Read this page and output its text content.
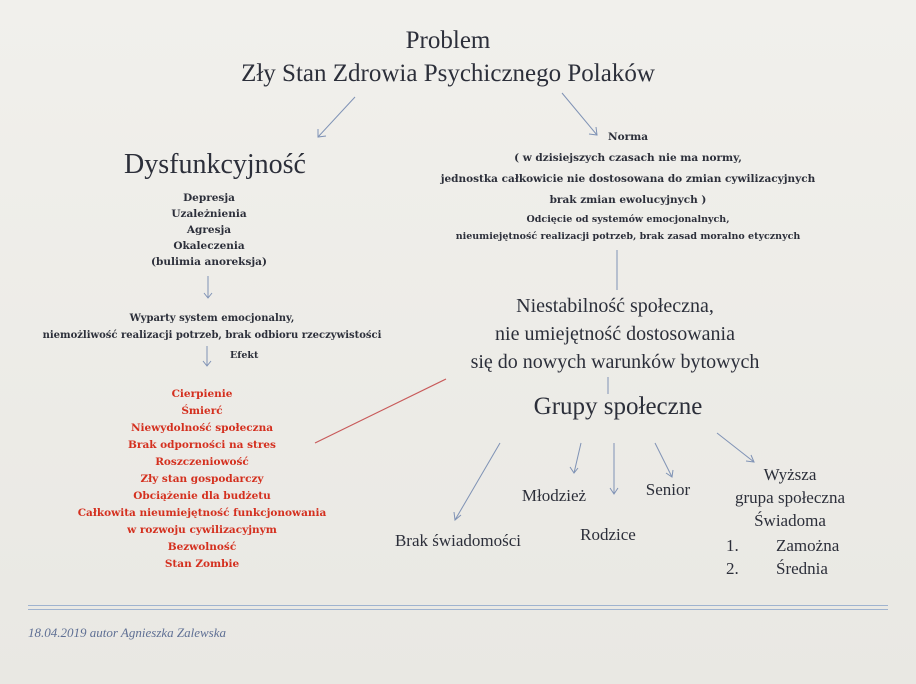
Problem
Zły Stan Zdrowia Psychicznego Polaków
Dysfunkcyjność
Depresja
Uzależnienia
Agresja
Okaleczenia
(bulimia anoreksja)
Norma
( w dzisiejszych czasach nie ma normy,
jednostka całkowicie nie dostosowana do zmian cywilizacyjnych
brak zmian ewolucyjnych )
Odcięcie od systemów emocjonalnych,
nieumiejętność realizacji potrzeb, brak zasad moralno etycznych
Niestabilność społeczna,
nie umiejętność dostosowania
się do nowych warunków bytowych
Wyparty system emocjonalny,
niemożliwość realizacji potrzeb, brak odbioru rzeczywistości
Efekt
Cierpienie
Śmierć
Niewydolność społeczna
Brak odporności na stres
Roszczeniowość
Zły stan gospodarczy
Obciążenie dla budżetu
Całkowita nieumiejętność funkcjonowania
w rozwoju cywilizacyjnym
Bezwolność
Stan Zombie
Grupy społeczne
Młodzież	Senior
Rodzice
Brak świadomości
Wyższa
grupa społeczna
Świadoma
1. Zamożna
2. Średnia
18.04.2019 autor Agnieszka Zalewska
